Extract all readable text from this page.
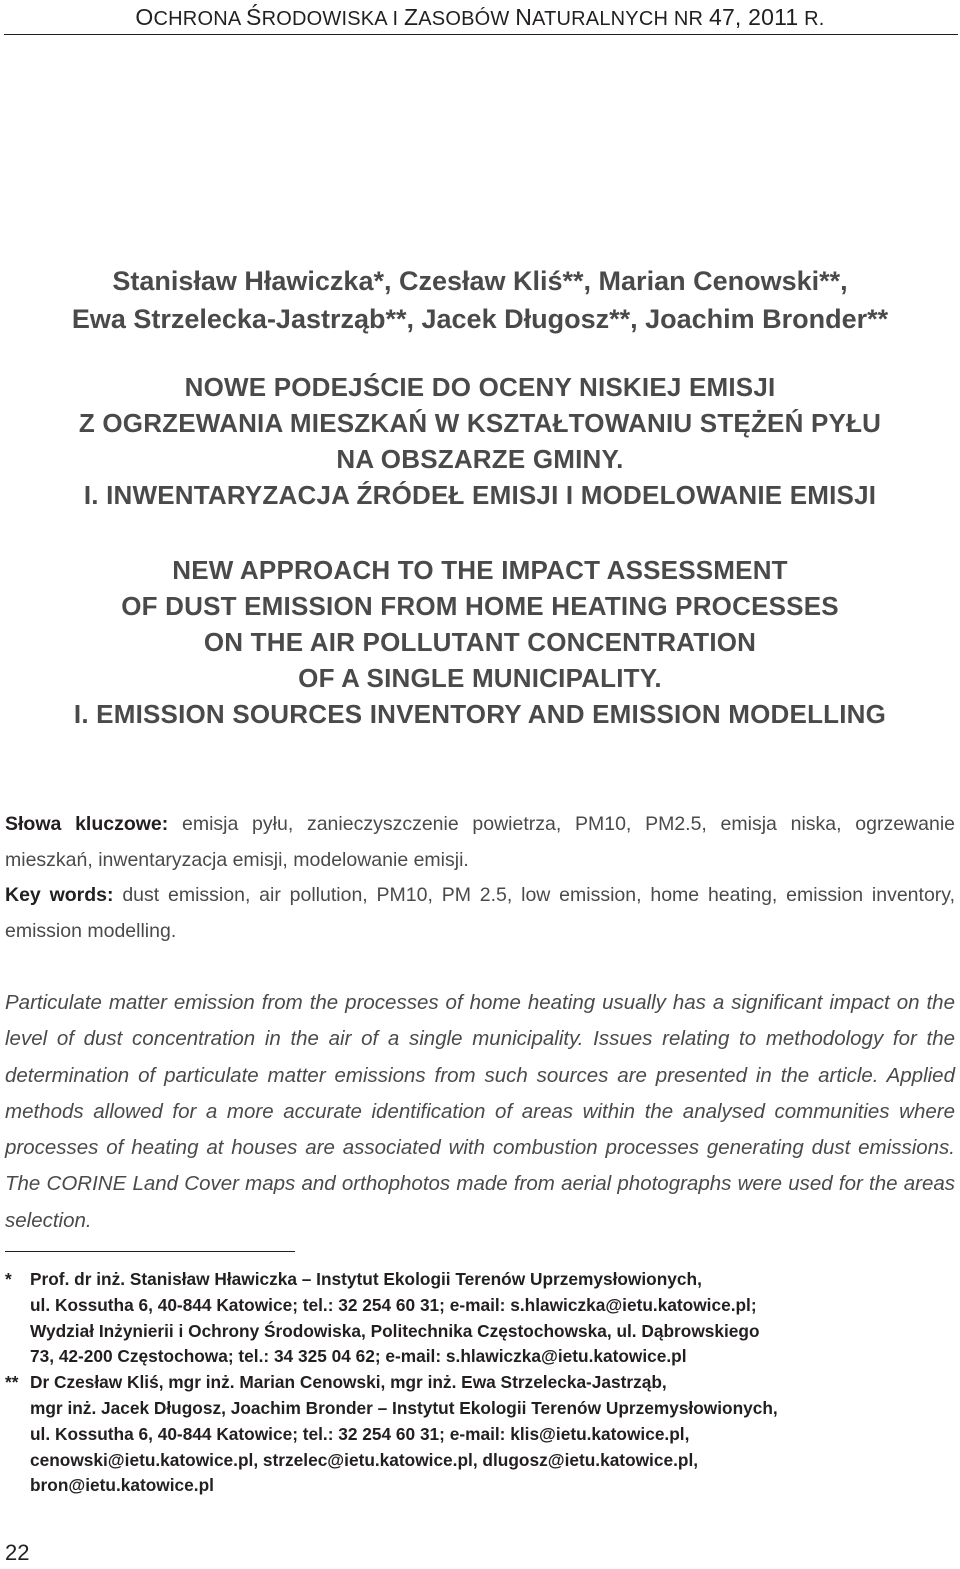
OCHRONA ŚRODOWISKA I ZASOBÓW NATURALNYCH NR 47, 2011 R.
Stanisław Hławiczka*, Czesław Kliś**, Marian Cenowski**,
Ewa Strzelecka-Jastrząb**, Jacek Długosz**, Joachim Bronder**
NOWE PODEJŚCIE DO OCENY NISKIEJ EMISJI
Z OGRZEWANIA MIESZKAŃ W KSZTAŁTOWANIU STĘŻEŃ PYŁU
NA OBSZARZE GMINY.
I. INWENTARYZACJA ŹRÓDEŁ EMISJI I MODELOWANIE EMISJI
NEW APPROACH TO THE IMPACT ASSESSMENT
OF DUST EMISSION FROM HOME HEATING PROCESSES
ON THE AIR POLLUTANT CONCENTRATION
OF A SINGLE MUNICIPALITY.
I. EMISSION SOURCES INVENTORY AND EMISSION MODELLING
Słowa kluczowe: emisja pyłu, zanieczyszczenie powietrza, PM10, PM2.5, emisja niska, ogrzewanie mieszkań, inwentaryzacja emisji, modelowanie emisji.
Key words: dust emission, air pollution, PM10, PM 2.5, low emission, home heating, emission inventory, emission modelling.
Particulate matter emission from the processes of home heating usually has a significant impact on the level of dust concentration in the air of a single municipality. Issues relating to methodology for the determination of particulate matter emissions from such sources are presented in the article. Applied methods allowed for a more accurate identification of areas within the analysed communities where processes of heating at houses are associated with combustion processes generating dust emissions. The CORINE Land Cover maps and orthophotos made from aerial photographs were used for the areas selection.
*	Prof. dr inż. Stanisław Hławiczka – Instytut Ekologii Terenów Uprzemysłowionych,
ul. Kossutha 6, 40-844 Katowice; tel.: 32 254 60 31; e-mail: s.hlawiczka@ietu.katowice.pl;
Wydział Inżynierii i Ochrony Środowiska, Politechnika Częstochowska, ul. Dąbrowskiego
73, 42-200 Częstochowa; tel.: 34 325 04 62; e-mail: s.hlawiczka@ietu.katowice.pl
** Dr Czesław Kliś, mgr inż. Marian Cenowski, mgr inż. Ewa Strzelecka-Jastrząb,
mgr inż. Jacek Długosz, Joachim Bronder – Instytut Ekologii Terenów Uprzemysłowionych,
ul. Kossutha 6, 40-844 Katowice; tel.: 32 254 60 31; e-mail: klis@ietu.katowice.pl,
cenowski@ietu.katowice.pl, strzelec@ietu.katowice.pl, dlugosz@ietu.katowice.pl,
bron@ietu.katowice.pl
22
